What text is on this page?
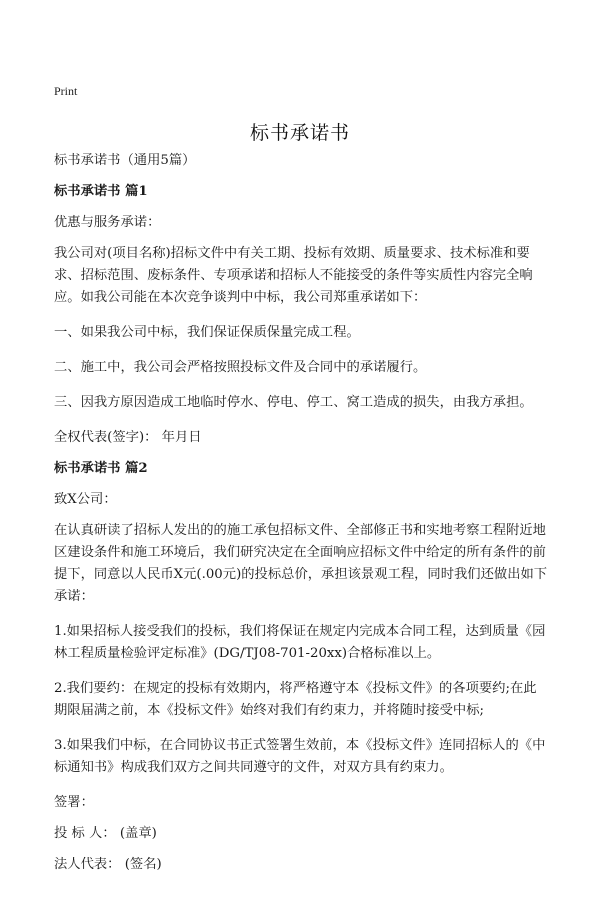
Print
标书承诺书

标书承诺书（通用5篇）

标书承诺书 篇1

优惠与服务承诺：

我公司对(项目名称)招标文件中有关工期、投标有效期、质量要求、技术标准和要求、招标范围、废标条件、专项承诺和招标人不能接受的条件等实质性内容完全响应。如我公司能在本次竞争谈判中中标，我公司郑重承诺如下：

一、如果我公司中标，我们保证保质保量完成工程。

二、施工中，我公司会严格按照投标文件及合同中的承诺履行。

三、因我方原因造成工地临时停水、停电、停工、窝工造成的损失，由我方承担。

全权代表(签字)： 年月日

标书承诺书 篇2

致X公司：

在认真研读了招标人发出的的施工承包招标文件、全部修正书和实地考察工程附近地区建设条件和施工环境后，我们研究决定在全面响应招标文件中给定的所有条件的前提下，同意以人民币X元(.00元)的投标总价，承担该景观工程，同时我们还做出如下承诺：

1.如果招标人接受我们的投标，我们将保证在规定内完成本合同工程，达到质量《园林工程质量检验评定标准》(DG/TJ08-701-20xx)合格标准以上。

2.我们要约：在规定的投标有效期内，将严格遵守本《投标文件》的各项要约;在此期限届满之前，本《投标文件》始终对我们有约束力，并将随时接受中标;

3.如果我们中标，在合同协议书正式签署生效前，本《投标文件》连同招标人的《中标通知书》构成我们双方之间共同遵守的文件，对双方具有约束力。

签署：

投 标 人： (盖章)

法人代表： (签名)
